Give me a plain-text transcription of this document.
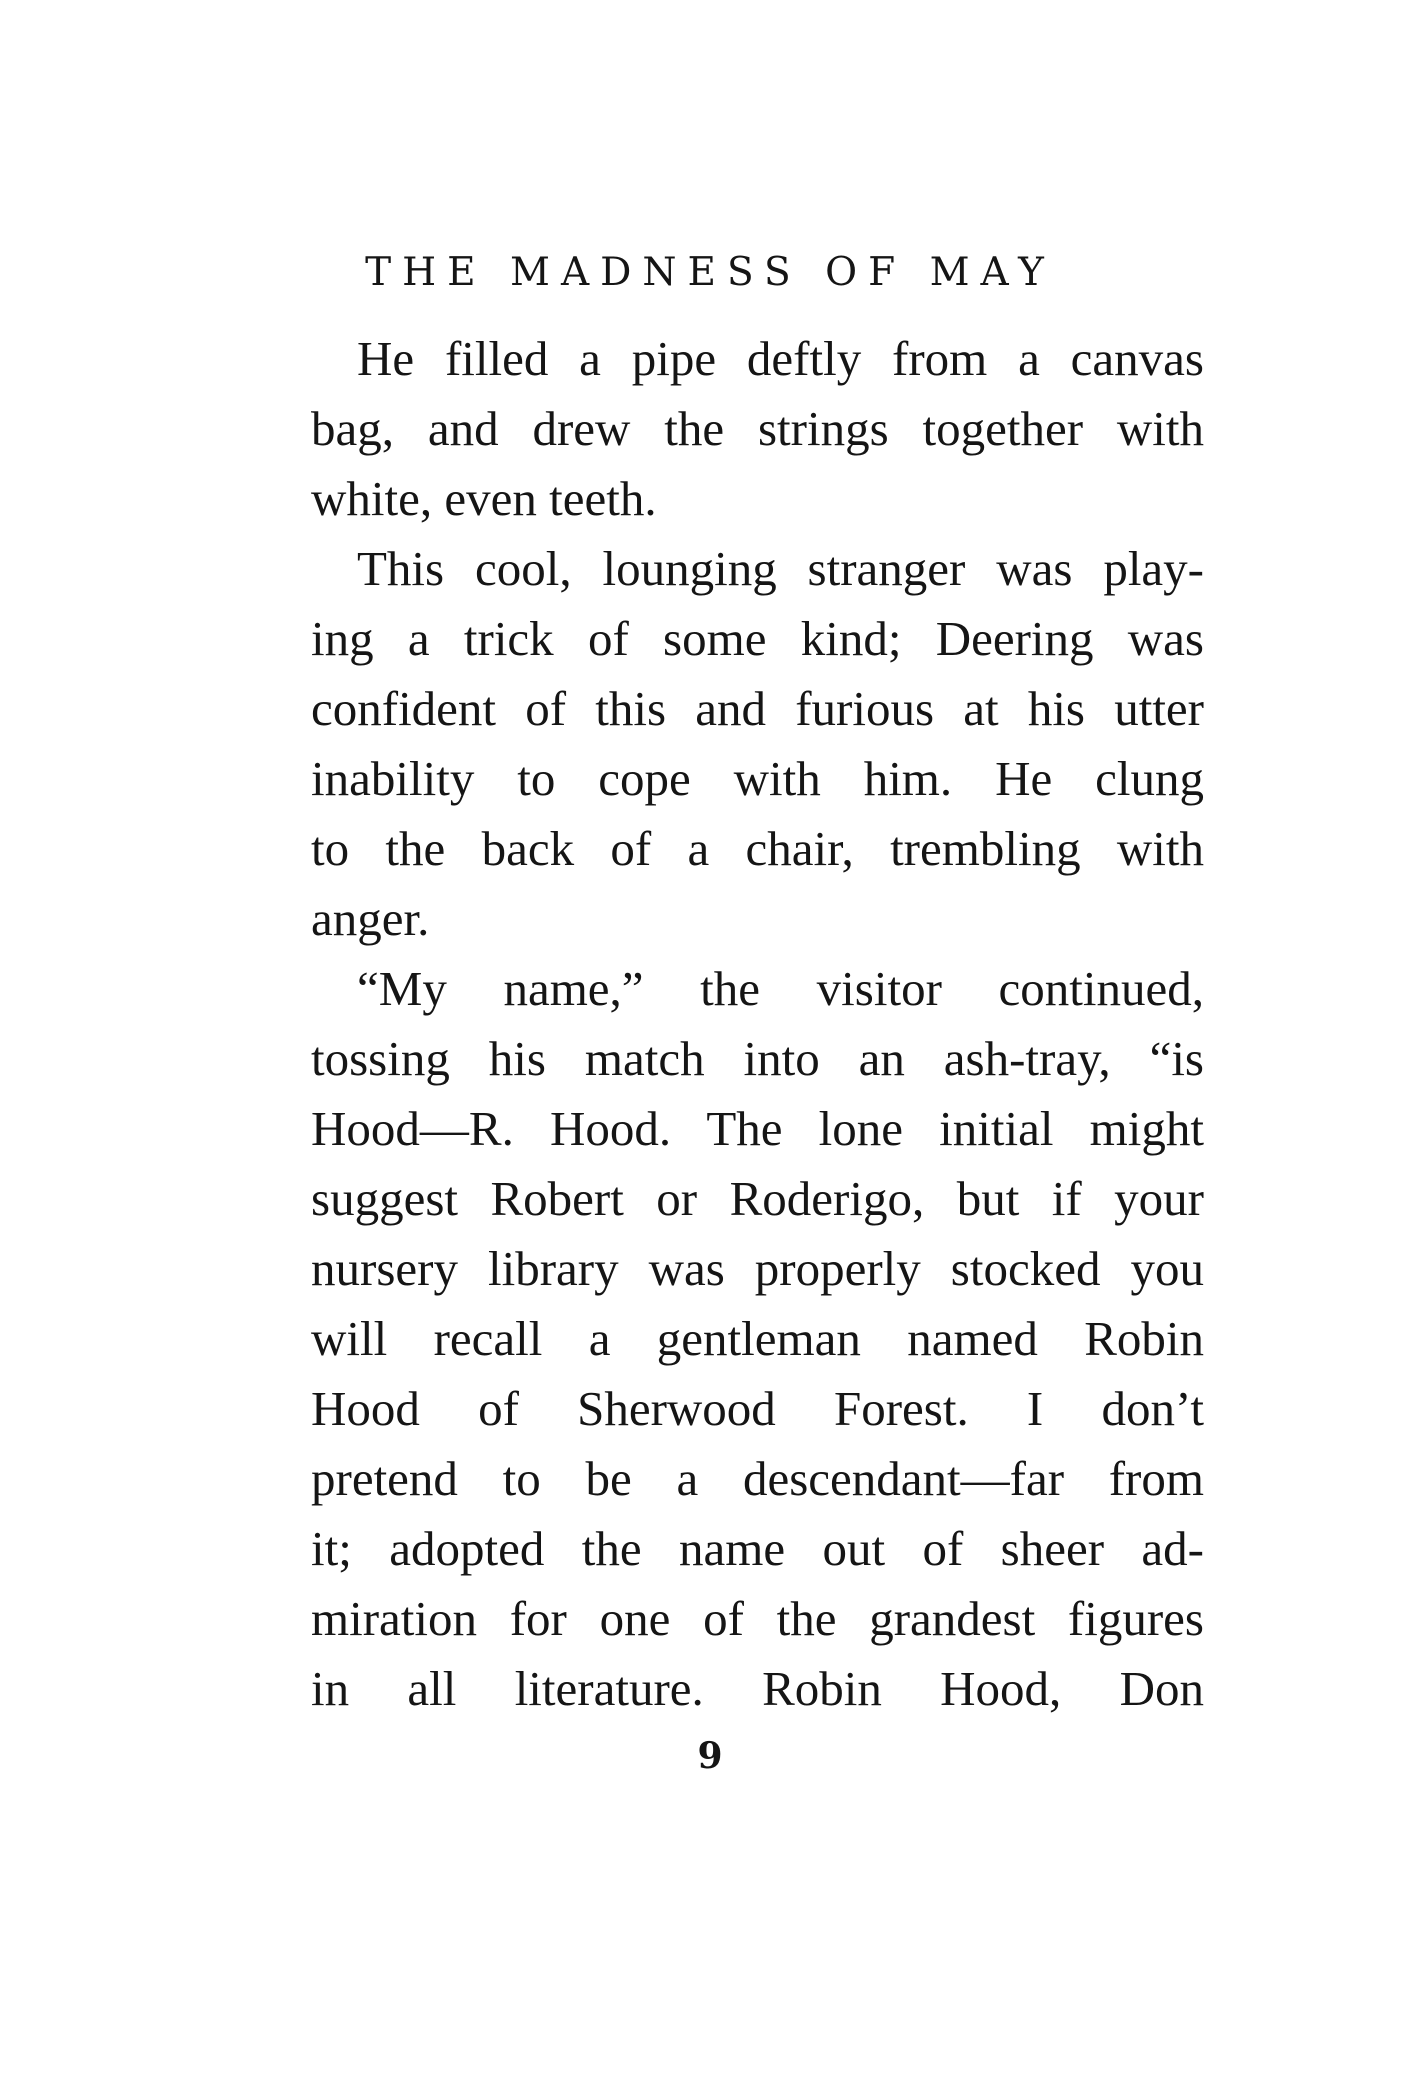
THE MADNESS OF MAY
He filled a pipe deftly from a canvas
bag, and drew the strings together with
white, even teeth.
This cool, lounging stranger was play-
ing a trick of some kind; Deering was
confident of this and furious at his utter
inability to cope with him. He clung
to the back of a chair, trembling with
anger.
“My name,” the visitor continued,
tossing his match into an ash-tray, “is
Hood—R. Hood. The lone initial might
suggest Robert or Roderigo, but if your
nursery library was properly stocked you
will recall a gentleman named Robin
Hood of Sherwood Forest. I don’t
pretend to be a descendant—far from
it; adopted the name out of sheer ad-
miration for one of the grandest figures
in all literature. Robin Hood, Don
9
